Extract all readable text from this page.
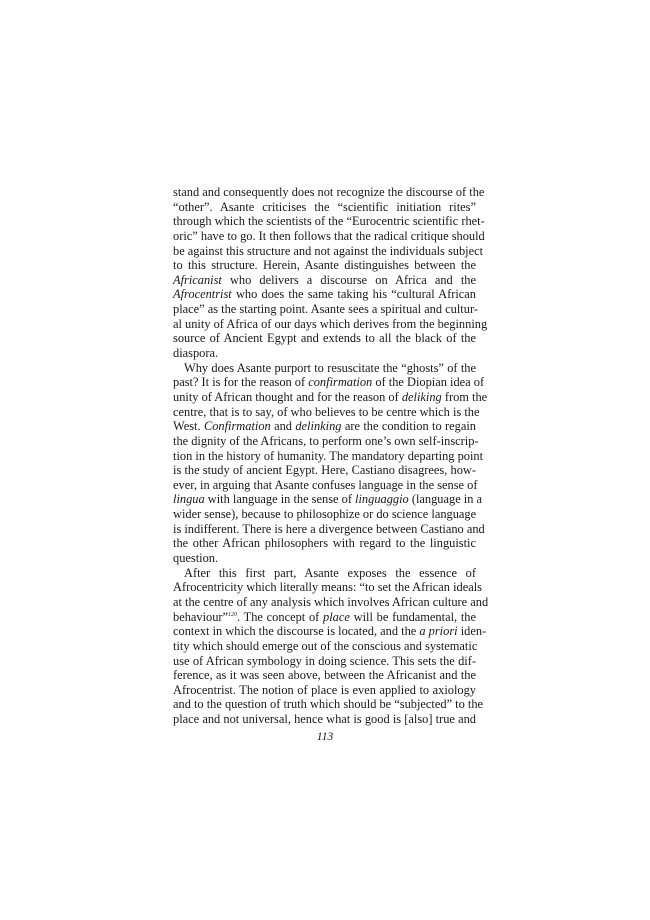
stand and consequently does not recognize the discourse of the
“other”. Asante criticises the “scientific initiation rites”
through which the scientists of the “Eurocentric scientific rhet-
oric” have to go. It then follows that the radical critique should
be against this structure and not against the individuals subject
to this structure. Herein, Asante distinguishes between the
Africanist who delivers a discourse on Africa and the
Afrocentrist who does the same taking his “cultural African
place” as the starting point. Asante sees a spiritual and cultur-
al unity of Africa of our days which derives from the beginning
source of Ancient Egypt and extends to all the black of the
diaspora.
Why does Asante purport to resuscitate the “ghosts” of the
past? It is for the reason of confirmation of the Diopian idea of
unity of African thought and for the reason of deliking from the
centre, that is to say, of who believes to be centre which is the
West. Confirmation and delinking are the condition to regain
the dignity of the Africans, to perform one’s own self-inscrip-
tion in the history of humanity. The mandatory departing point
is the study of ancient Egypt. Here, Castiano disagrees, how-
ever, in arguing that Asante confuses language in the sense of
lingua with language in the sense of linguaggio (language in a
wider sense), because to philosophize or do science language
is indifferent. There is here a divergence between Castiano and
the other African philosophers with regard to the linguistic
question.
After this first part, Asante exposes the essence of
Afrocentricity which literally means: “to set the African ideals
at the centre of any analysis which involves African culture and
behaviour”$^{120}$. The concept of place will be fundamental, the
context in which the discourse is located, and the a priori iden-
tity which should emerge out of the conscious and systematic
use of African symbology in doing science. This sets the dif-
ference, as it was seen above, between the Africanist and the
Afrocentrist. The notion of place is even applied to axiology
and to the question of truth which should be “subjected” to the
place and not universal, hence what is good is [also] true and
113
